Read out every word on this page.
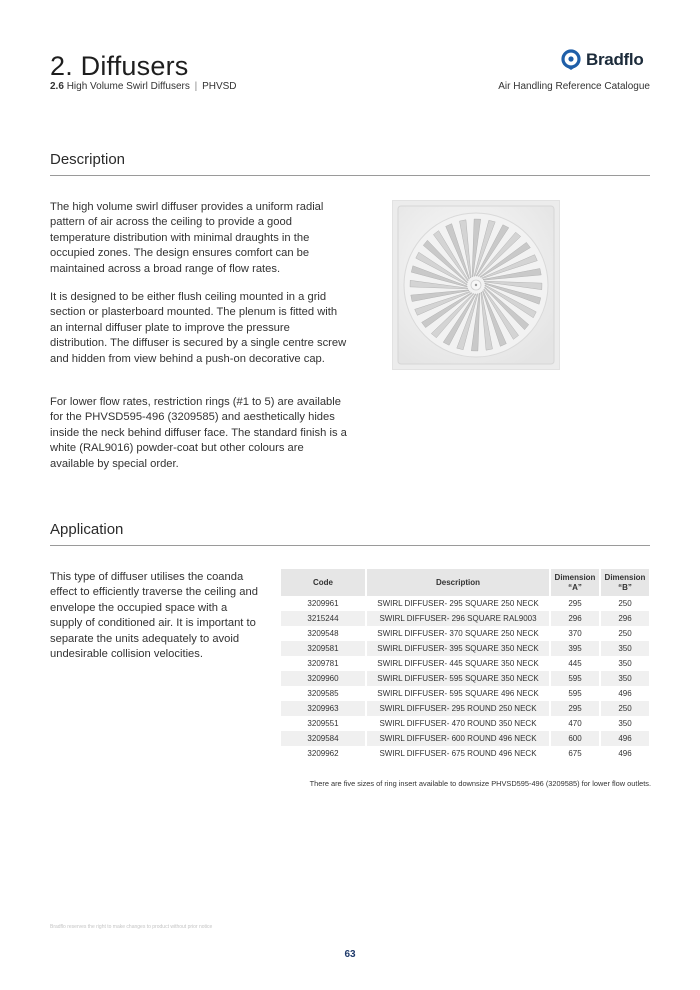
2. Diffusers
2.6 High Volume Swirl Diffusers | PHVSD
Bradflo
Air Handling Reference Catalogue
Description

The high volume swirl diffuser provides a uniform radial pattern of air across the ceiling to provide a good temperature distribution with minimal draughts in the occupied zones. The design ensures comfort can be maintained across a broad range of flow rates.

It is designed to be either flush ceiling mounted in a grid section or plasterboard mounted. The plenum is fitted with an internal diffuser plate to improve the pressure distribution. The diffuser is secured by a single centre screw and hidden from view behind a push-on decorative cap.

For lower flow rates, restriction rings (#1 to 5) are available for the PHVSD595-496 (3209585) and aesthetically hides inside the neck behind diffuser face. The standard finish is a white (RAL9016) powder-coat but other colours are available by special order.

Application

This type of diffuser utilises the coanda effect to efficiently traverse the ceiling and envelope the occupied space with a supply of conditioned air. It is important to separate the units adequately to avoid undesirable collision velocities.

Code	Description	Dimension “A”	Dimension “B”
3209961	SWIRL DIFFUSER- 295 SQUARE 250 NECK	295	250
3215244	SWIRL DIFFUSER- 296 SQUARE RAL9003	296	296
3209548	SWIRL DIFFUSER- 370 SQUARE 250 NECK	370	250
3209581	SWIRL DIFFUSER- 395 SQUARE 350 NECK	395	350
3209781	SWIRL DIFFUSER- 445 SQUARE 350 NECK	445	350
3209960	SWIRL DIFFUSER- 595 SQUARE 350 NECK	595	350
3209585	SWIRL DIFFUSER- 595 SQUARE 496 NECK	595	496
3209963	SWIRL DIFFUSER- 295 ROUND 250 NECK	295	250
3209551	SWIRL DIFFUSER- 470 ROUND 350 NECK	470	350
3209584	SWIRL DIFFUSER- 600 ROUND 496 NECK	600	496
3209962	SWIRL DIFFUSER- 675 ROUND 496 NECK	675	496
There are five sizes of ring insert available to downsize PHVSD595-496 (3209585) for lower flow outlets.
Bradflo reserves the right to make changes to product without prior notice
63
